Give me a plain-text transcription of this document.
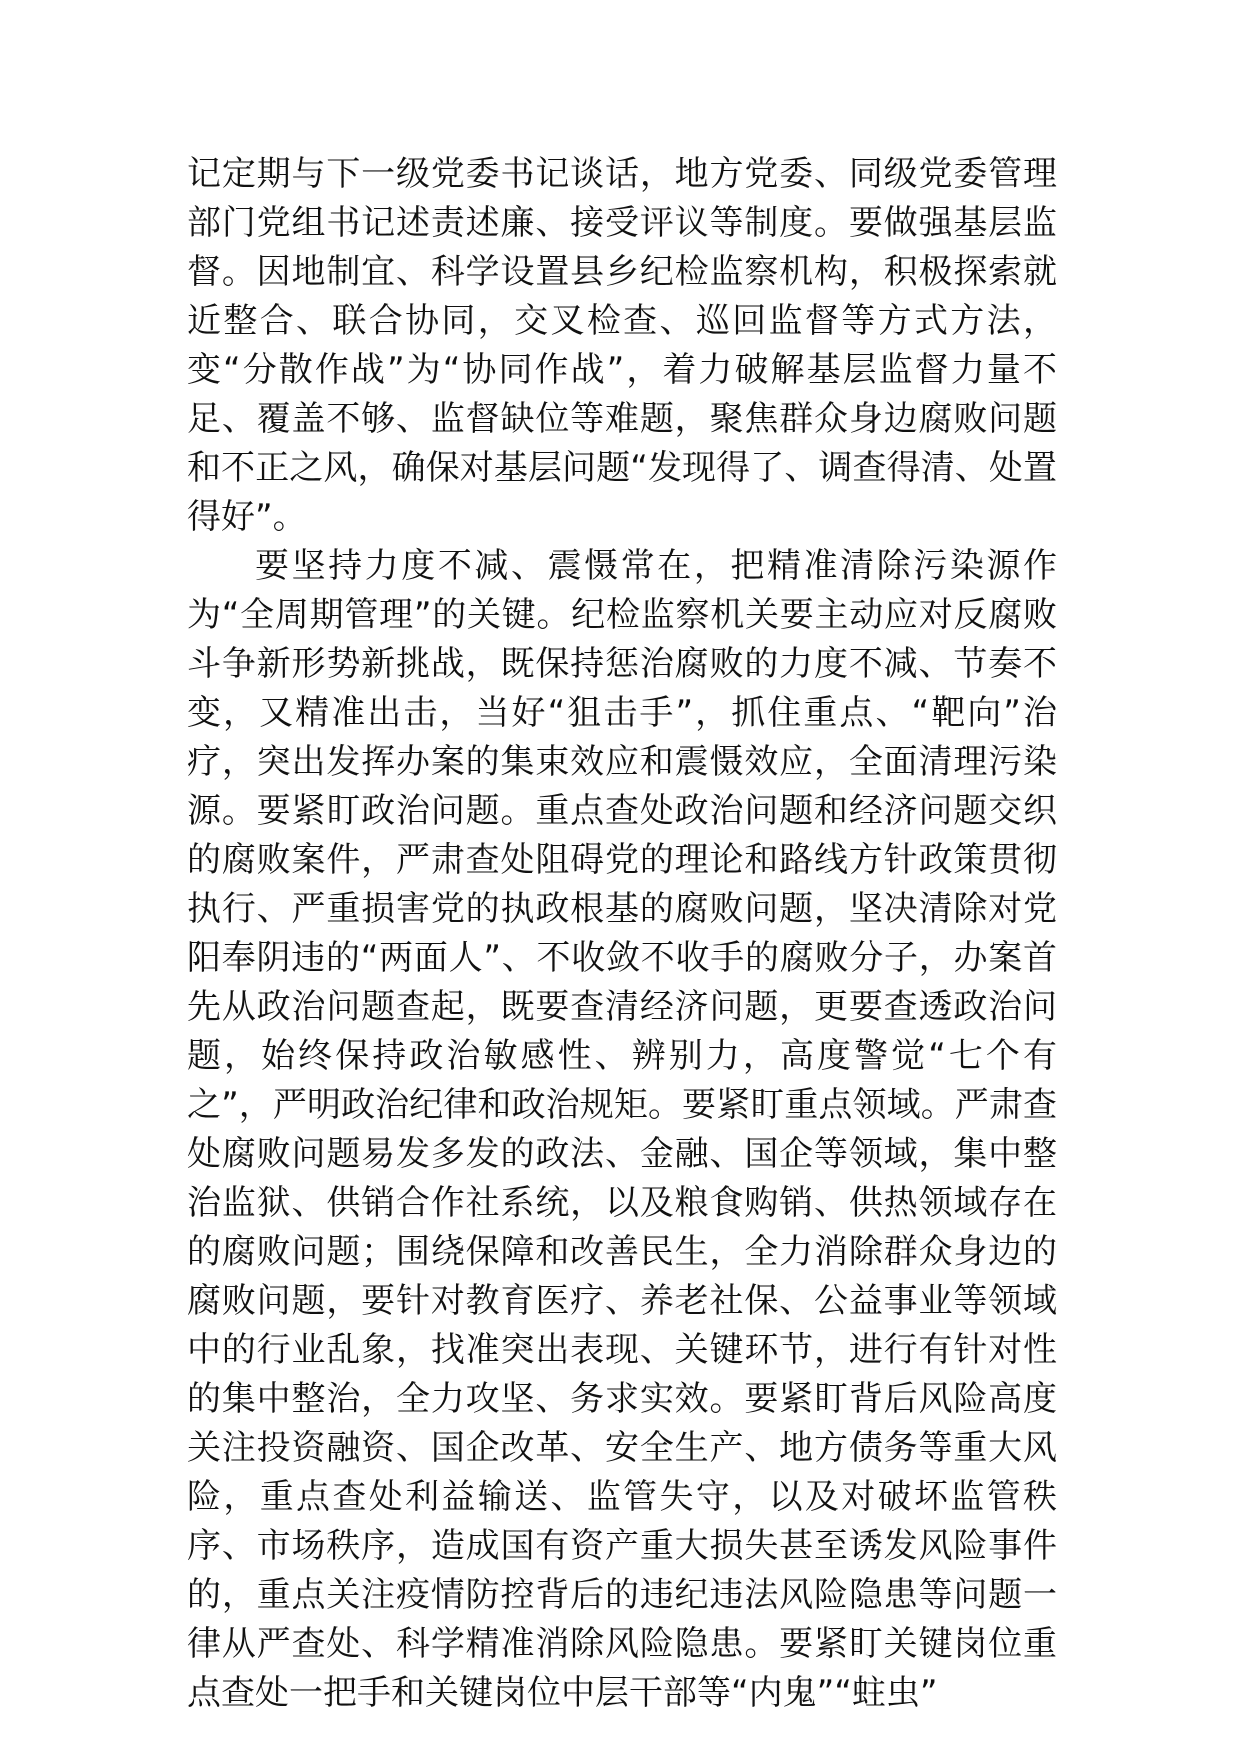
记定期与下一级党委书记谈话，地方党委、同级党委管理部门党组书记述责述廉、接受评议等制度。要做强基层监督。因地制宜、科学设置县乡纪检监察机构，积极探索就近整合、联合协同，交叉检查、巡回监督等方式方法，变“分散作战”为“协同作战”，着力破解基层监督力量不足、覆盖不够、监督缺位等难题，聚焦群众身边腐败问题和不正之风，确保对基层问题“发现得了、调查得清、处置得好”。

要坚持力度不减、震慑常在，把精准清除污染源作为“全周期管理”的关键。纪检监察机关要主动应对反腐败斗争新形势新挑战，既保持惩治腐败的力度不减、节奏不变，又精准出击，当好“狙击手”，抓住重点、“靶向”治疗，突出发挥办案的集束效应和震慑效应，全面清理污染源。要紧盯政治问题。重点查处政治问题和经济问题交织的腐败案件，严肃查处阻碍党的理论和路线方针政策贯彻执行、严重损害党的执政根基的腐败问题，坚决清除对党阳奉阴违的“两面人”、不收敛不收手的腐败分子，办案首先从政治问题查起，既要查清经济问题，更要查透政治问题，始终保持政治敏感性、辨别力，高度警觉“七个有之”，严明政治纪律和政治规矩。要紧盯重点领域。严肃查处腐败问题易发多发的政法、金融、国企等领域，集中整治监狱、供销合作社系统，以及粮食购销、供热领域存在的腐败问题；围绕保障和改善民生，全力消除群众身边的腐败问题，要针对教育医疗、养老社保、公益事业等领域中的行业乱象，找准突出表现、关键环节，进行有针对性的集中整治，全力攻坚、务求实效。要紧盯背后风险高度关注投资融资、国企改革、安全生产、地方债务等重大风险，重点查处利益输送、监管失守，以及对破坏监管秩序、市场秩序，造成国有资产重大损失甚至诱发风险事件的，重点关注疫情防控背后的违纪违法风险隐患等问题一律从严查处、科学精准消除风险隐患。要紧盯关键岗位重点查处一把手和关键岗位中层干部等“内鬼”“蛀虫”
